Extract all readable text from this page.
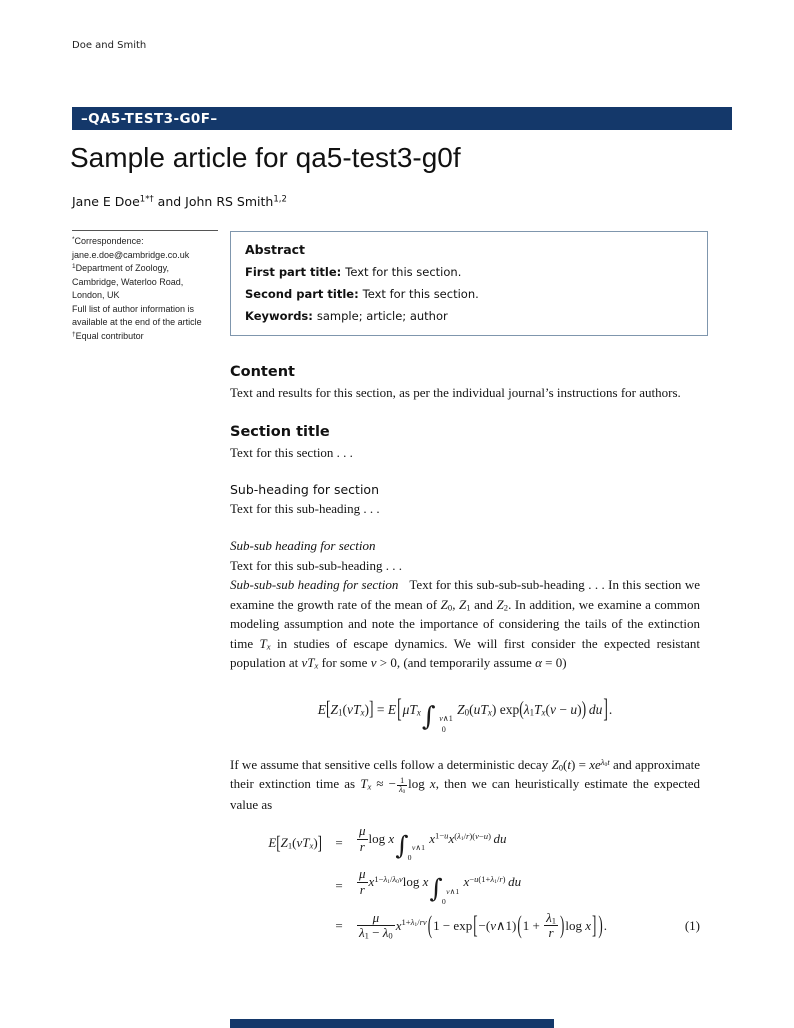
Doe and Smith
–QA5-TEST3-G0F–
Sample article for qa5-test3-g0f
Jane E Doe$^{1*\dagger}$ and John RS Smith$^{1,2}$
*Correspondence:
jane.e.doe@cambridge.co.uk
$^1$Department of Zoology,
Cambridge, Waterloo Road,
London, UK
Full list of author information is
available at the end of the article
†Equal contributor
Abstract
First part title: Text for this section.
Second part title: Text for this section.
Keywords: sample; article; author
Content

Text and results for this section, as per the individual journal’s instructions for authors.

Section title

Text for this section . . .

Sub-heading for section

Text for this sub-heading . . .

Sub-sub heading for section

Text for this sub-sub-heading . . .

Sub-sub-sub heading for section Text for this sub-sub-sub-heading . . . In this section we examine the growth rate of the mean of $Z_0$, $Z_1$ and $Z_2$. In addition, we examine a common modeling assumption and note the importance of considering the tails of the extinction time $T_x$ in studies of escape dynamics. We will first consider the expected resistant population at $vT_x$ for some v > 0, (and temporarily assume α = 0)

$E[Z_1(vT_x)] = E[\mu T_x\int$ v∧1
0
$Z_0(uT_x) \exp(\lambda_1T_x(v - u))$  du].

If we assume that sensitive cells follow a deterministic decay $Z_0(t) = xe^{\lambda_0t}$ and approximate their extinction time as $T_x$ ≈ − $\frac{1}{\lambda_0}$ log x, then we can heuristically estimate the expected value as

$E[Z_1(vT_x)] = \frac{\mu}{r}$ log x∫ v∧1
0
$x^{1-u}x^{(\lambda_1/r)(v-u)}$  du
= $\frac{\mu}{r} x^{1-\lambda_1/\lambda_0v}\log$ x∫ v∧1
0
$x^{-u(1+\lambda_1/r)}$  du
= $\frac{\mu}{\lambda_1 - \lambda_0} x^{1+\lambda_1/rv}(1$ − exp[−(v∧1)(1 + $\frac{\lambda_1}{r} )\log$ x] ).	(1)
